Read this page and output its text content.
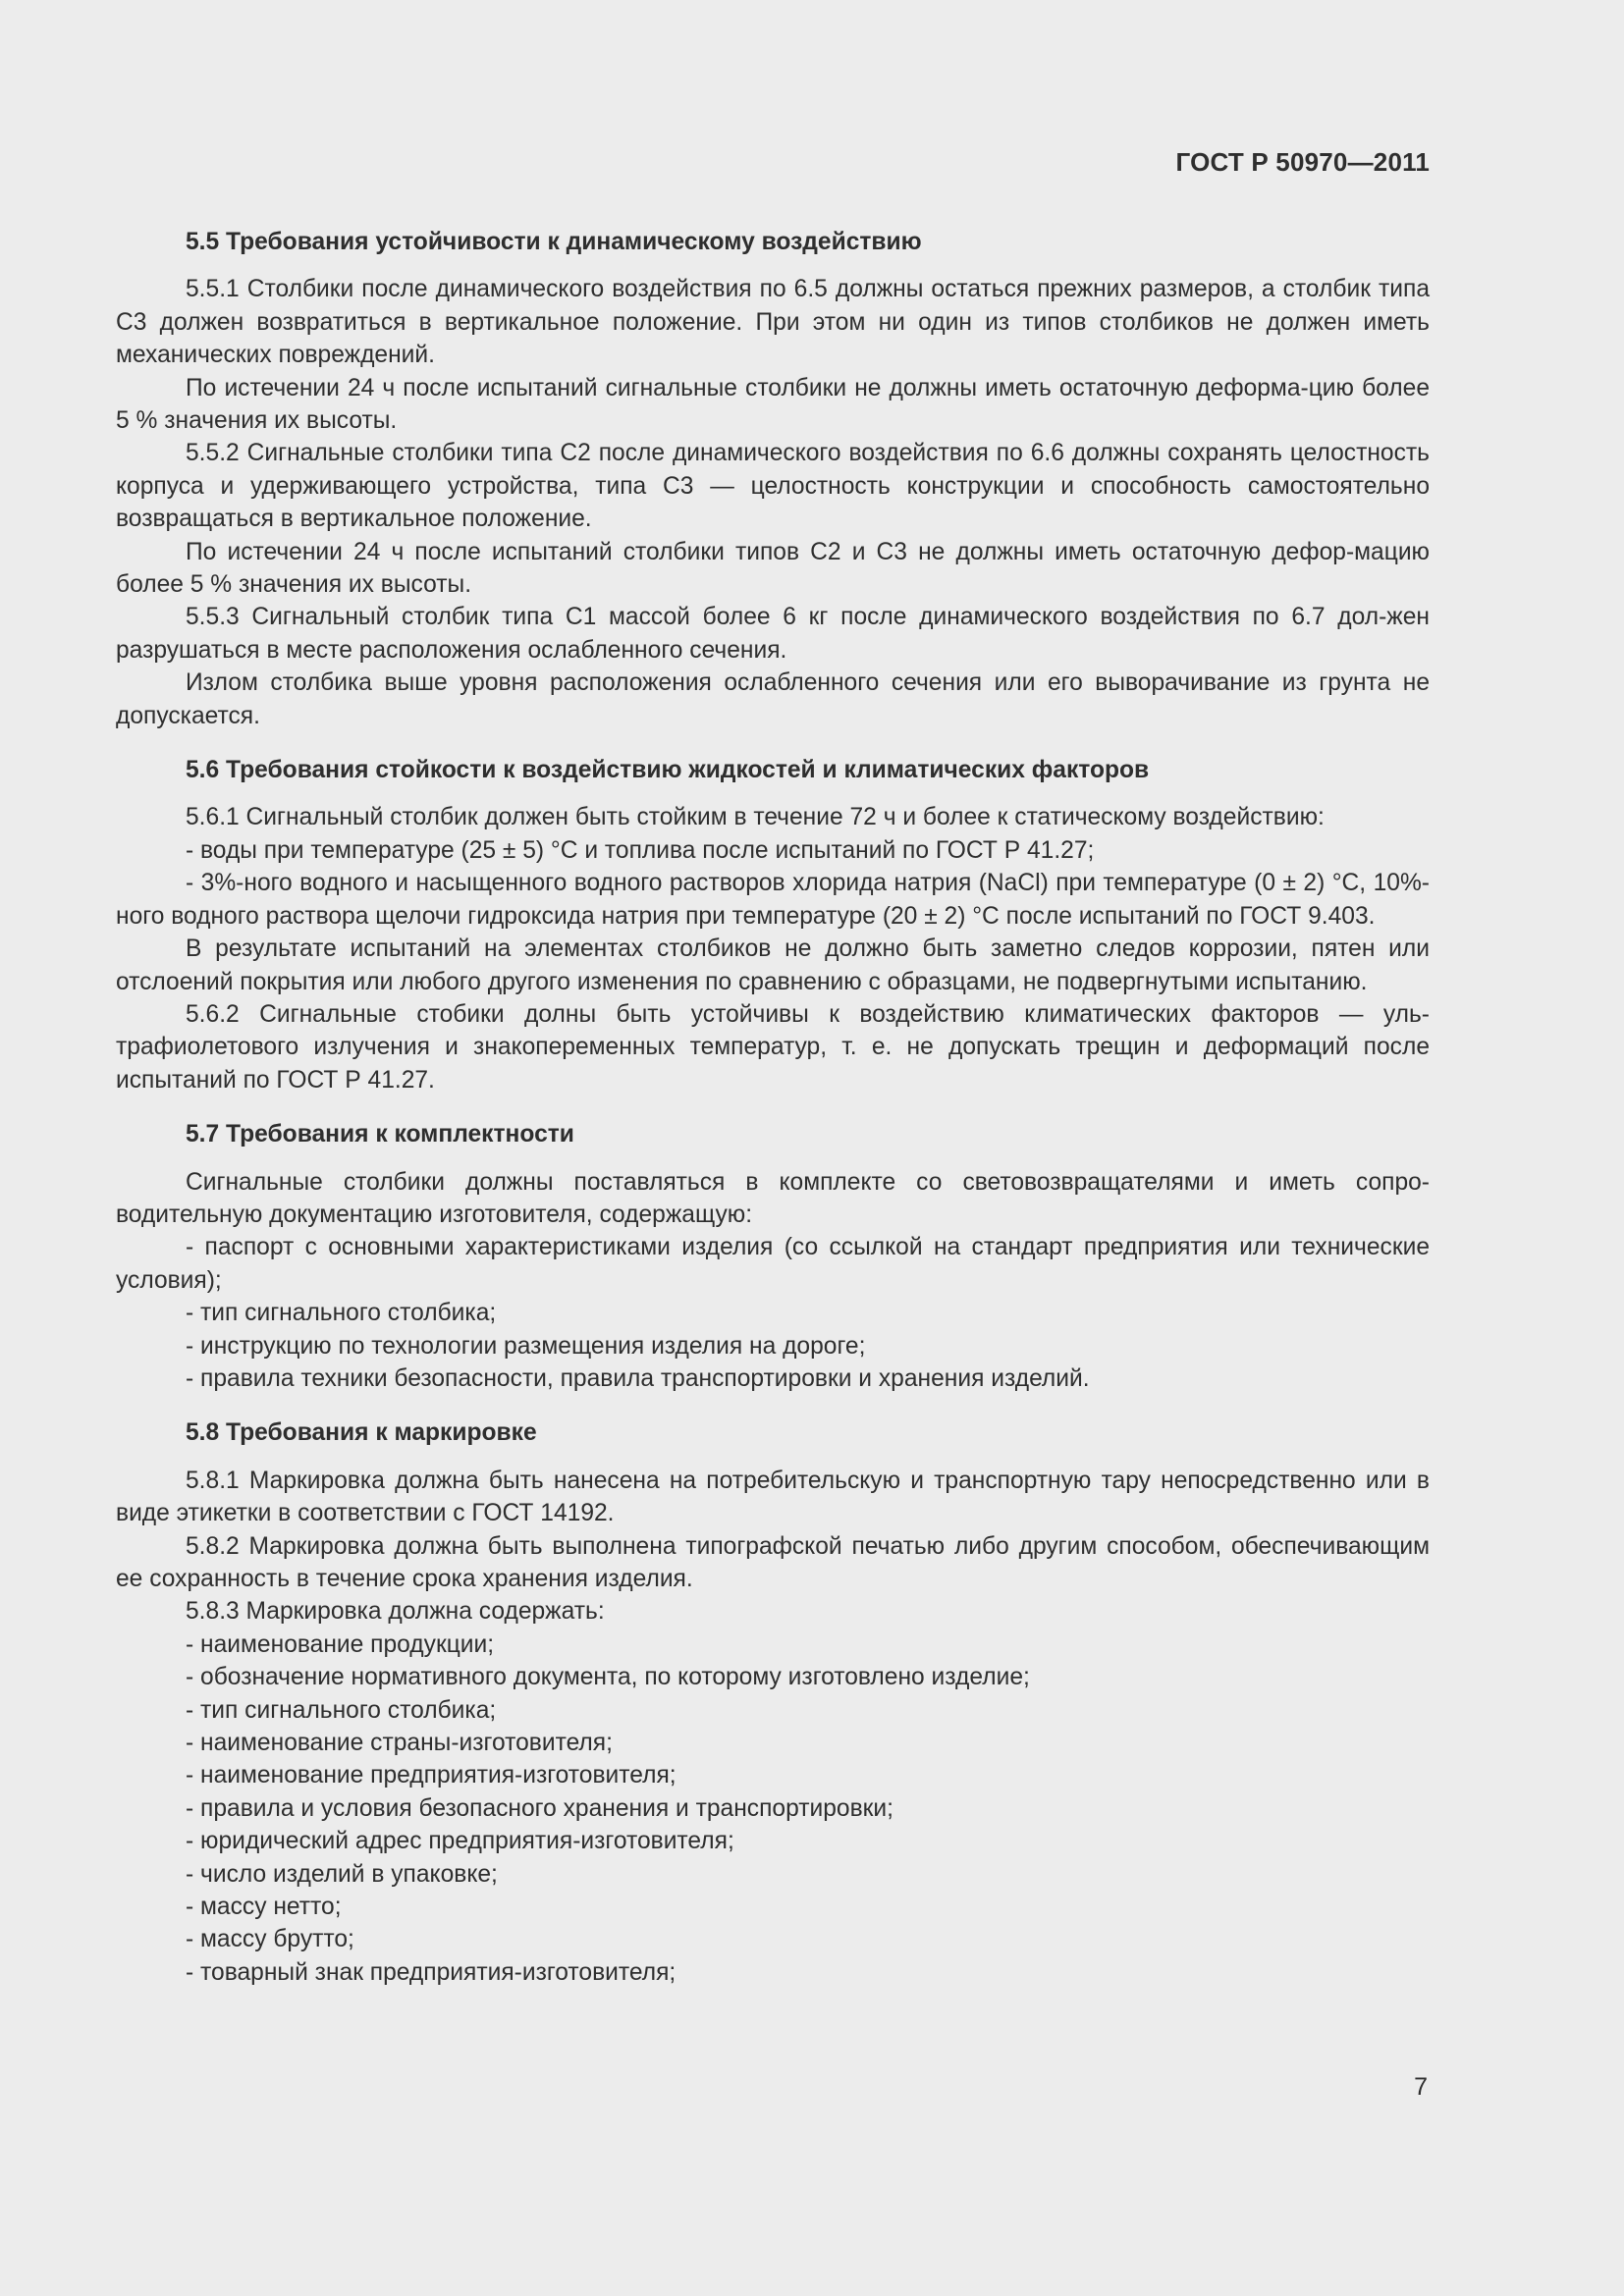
ГОСТ Р 50970—2011

5.5 Требования устойчивости к динамическому воздействию

5.5.1 Столбики после динамического воздействия по 6.5 должны остаться прежних размеров, а столбик типа С3 должен возвратиться в вертикальное положение. При этом ни один из типов столбиков не должен иметь механических повреждений.

По истечении 24 ч после испытаний сигнальные столбики не должны иметь остаточную деформа-цию более 5 % значения их высоты.

5.5.2 Сигнальные столбики типа С2 после динамического воздействия по 6.6 должны сохранять целостность корпуса и удерживающего устройства, типа С3 — целостность конструкции и способность самостоятельно возвращаться в вертикальное положение.

По истечении 24 ч после испытаний столбики типов С2 и С3 не должны иметь остаточную дефор-мацию более 5 % значения их высоты.

5.5.3 Сигнальный столбик типа С1 массой более 6 кг после динамического воздействия по 6.7 дол-жен разрушаться в месте расположения ослабленного сечения.

Излом столбика выше уровня расположения ослабленного сечения или его выворачивание из грунта не допускается.

5.6 Требования стойкости к воздействию жидкостей и климатических факторов

5.6.1 Сигнальный столбик должен быть стойким в течение 72 ч и более к статическому воздействию:

- воды при температуре (25 ± 5) °С и топлива после испытаний по ГОСТ Р 41.27;

- 3%-ного водного и насыщенного водного растворов хлорида натрия (NaCl) при температуре (0 ± 2) °С, 10%-ного водного раствора щелочи гидроксида натрия при температуре (20 ± 2) °С после испытаний по ГОСТ 9.403.

В результате испытаний на элементах столбиков не должно быть заметно следов коррозии, пятен или отслоений покрытия или любого другого изменения по сравнению с образцами, не подвергнутыми испытанию.

5.6.2 Сигнальные стобики долны быть устойчивы к воздействию климатических факторов — уль-трафиолетового излучения и знакопеременных температур, т. е. не допускать трещин и деформаций после испытаний по ГОСТ Р 41.27.

5.7 Требования к комплектности

Сигнальные столбики должны поставляться в комплекте со световозвращателями и иметь сопро-водительную документацию изготовителя, содержащую:

- паспорт с основными характеристиками изделия (со ссылкой на стандарт предприятия или технические условия);

- тип сигнального столбика;

- инструкцию по технологии размещения изделия на дороге;

- правила техники безопасности, правила транспортировки и хранения изделий.

5.8 Требования к маркировке

5.8.1 Маркировка должна быть нанесена на потребительскую и транспортную тару непосредственно или в виде этикетки в соответствии с ГОСТ 14192.

5.8.2 Маркировка должна быть выполнена типографской печатью либо другим способом, обеспечивающим ее сохранность в течение срока хранения изделия.

5.8.3 Маркировка должна содержать:

- наименование продукции;

- обозначение нормативного документа, по которому изготовлено изделие;

- тип сигнального столбика;

- наименование страны-изготовителя;

- наименование предприятия-изготовителя;

- правила и условия безопасного хранения и транспортировки;

- юридический адрес предприятия-изготовителя;

- число изделий в упаковке;

- массу нетто;

- массу брутто;

- товарный знак предприятия-изготовителя;

7
